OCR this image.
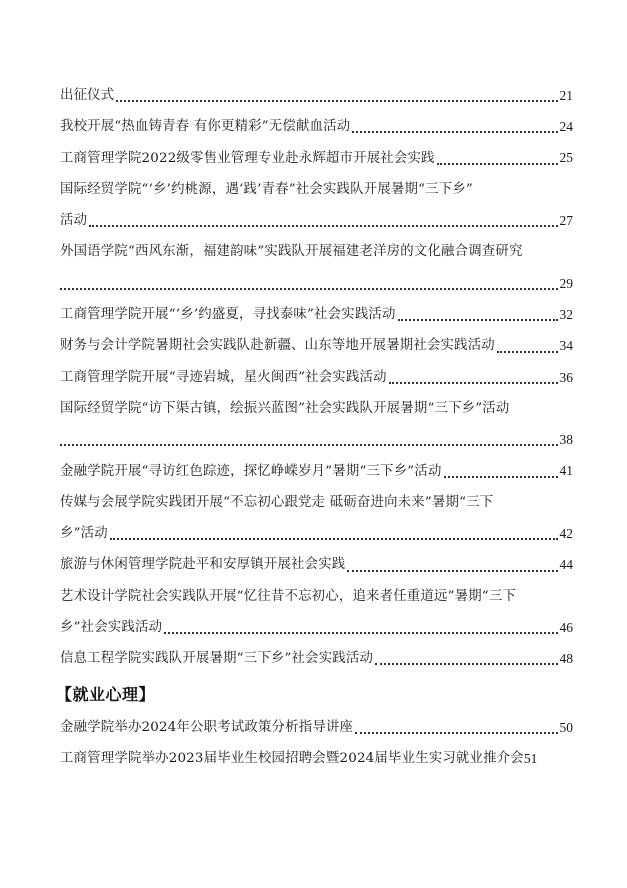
出征仪式	21
我校开展“热血铸青春 有你更精彩”无偿献血活动	24
工商管理学院2022级零售业管理专业赴永辉超市开展社会实践	25
国际经贸学院“‘乡’约桃源，遇‘践’青春”社会实践队开展暑期“三下乡”
活动	27
外国语学院“西风东渐，福建韵味”实践队开展福建老洋房的文化融合调查研究
29
工商管理学院开展“‘乡’约盛夏，寻找泰味”社会实践活动	32
财务与会计学院暑期社会实践队赴新疆、山东等地开展暑期社会实践活动	34
工商管理学院开展“寻迹岩城，星火闽西”社会实践活动	36
国际经贸学院“访下渠古镇，绘振兴蓝图”社会实践队开展暑期“三下乡”活动
38
金融学院开展“寻访红色踪迹，探忆峥嵘岁月”暑期“三下乡”活动	41
传媒与会展学院实践团开展“不忘初心跟党走 砥砺奋进向未来”暑期“三下
乡”活动	42
旅游与休闲管理学院赴平和安厚镇开展社会实践	44
艺术设计学院社会实践队开展“忆往昔不忘初心，追来者任重道远”暑期“三下
乡”社会实践活动	46
信息工程学院实践队开展暑期“三下乡”社会实践活动	48
【就业心理】
金融学院举办2024年公职考试政策分析指导讲座	50
工商管理学院举办2023届毕业生校园招聘会暨2024届毕业生实习就业推介会 51
